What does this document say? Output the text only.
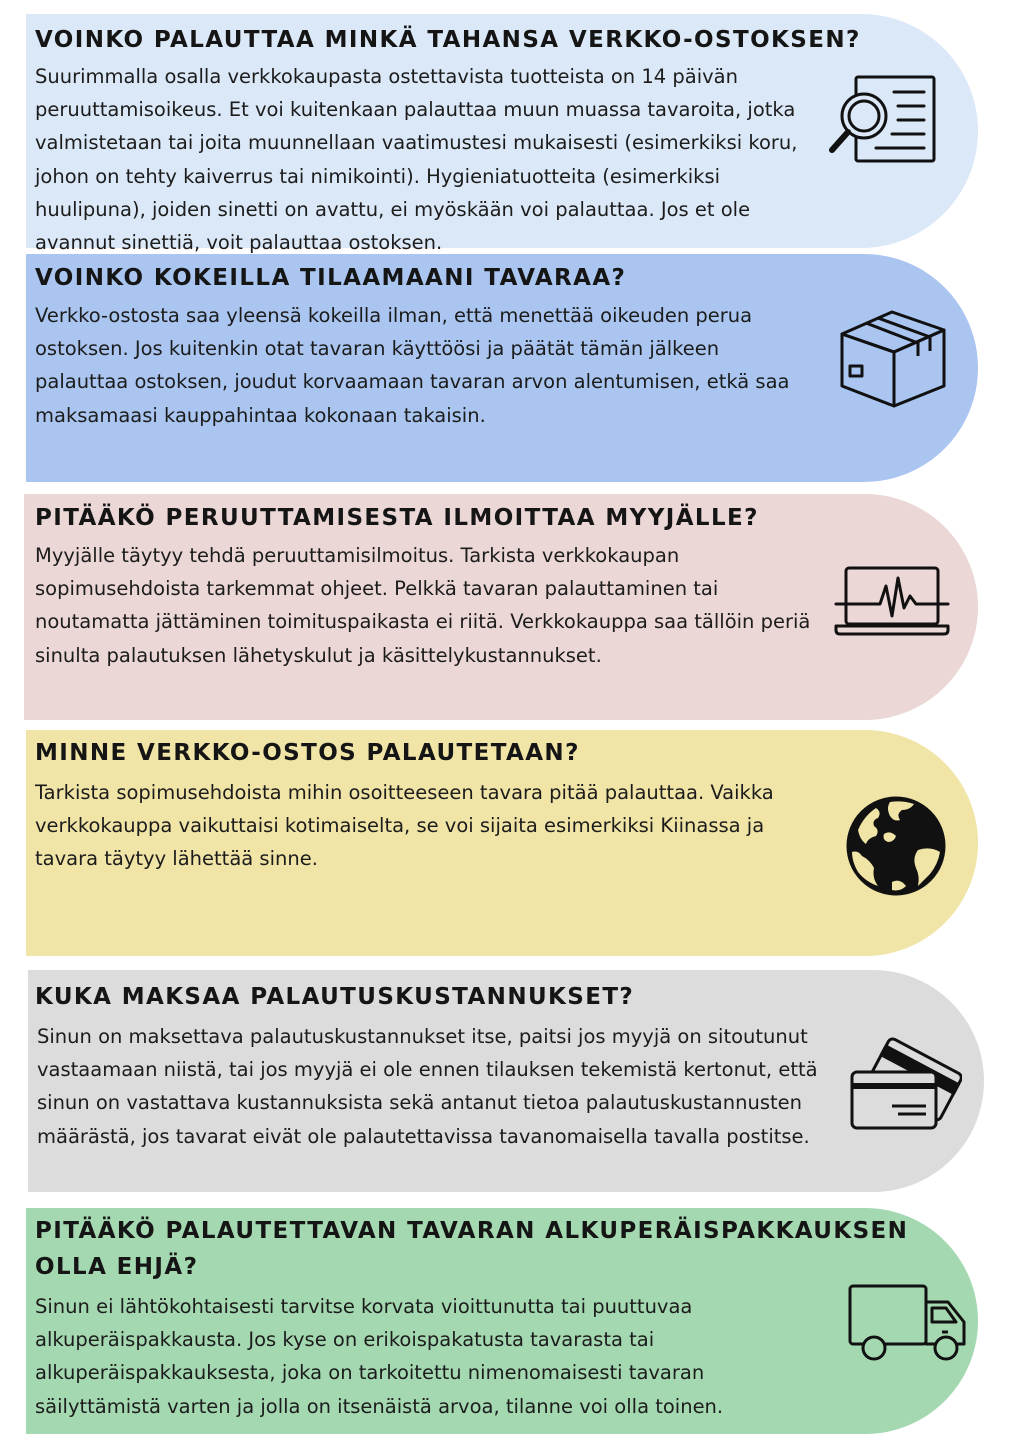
VOINKO PALAUTTAA MINKÄ TAHANSA VERKKO-OSTOKSEN?

Suurimmalla osalla verkkokaupasta ostettavista tuotteista on 14 päivän peruuttamisoikeus. Et voi kuitenkaan palauttaa muun muassa tavaroita, jotka valmistetaan tai joita muunnellaan vaatimustesi mukaisesti (esimerkiksi koru, johon on tehty kaiverrus tai nimikointi). Hygieniatuotteita (esimerkiksi huulipuna), joiden sinetti on avattu, ei myöskään voi palauttaa. Jos et ole avannut sinettiä, voit palauttaa ostoksen.

VOINKO KOKEILLA TILAAMAANI TAVARAA?

Verkko-ostosta saa yleensä kokeilla ilman, että menettää oikeuden perua ostoksen. Jos kuitenkin otat tavaran käyttöösi ja päätät tämän jälkeen palauttaa ostoksen, joudut korvaamaan tavaran arvon alentumisen, etkä saa maksamaasi kauppahintaa kokonaan takaisin.

PITÄÄKÖ PERUUTTAMISESTA ILMOITTAA MYYJÄLLE?

Myyjälle täytyy tehdä peruuttamisilmoitus. Tarkista verkkokaupan sopimusehdoista tarkemmat ohjeet. Pelkkä tavaran palauttaminen tai noutamatta jättäminen toimituspaikasta ei riitä. Verkkokauppa saa tällöin periä sinulta palautuksen lähetyskulut ja käsittelykustannukset.

MINNE VERKKO-OSTOS PALAUTETAAN?

Tarkista sopimusehdoista mihin osoitteeseen tavara pitää palauttaa. Vaikka verkkokauppa vaikuttaisi kotimaiselta, se voi sijaita esimerkiksi Kiinassa ja tavara täytyy lähettää sinne.

KUKA MAKSAA PALAUTUSKUSTANNUKSET?

Sinun on maksettava palautuskustannukset itse, paitsi jos myyjä on sitoutunut vastaamaan niistä, tai jos myyjä ei ole ennen tilauksen tekemistä kertonut, että sinun on vastattava kustannuksista sekä antanut tietoa palautuskustannusten määrästä, jos tavarat eivät ole palautettavissa tavanomaisella tavalla postitse.

PITÄÄKÖ PALAUTETTAVAN TAVARAN ALKUPERÄISPAKKAUKSEN OLLA EHJÄ?

Sinun ei lähtökohtaisesti tarvitse korvata vioittunutta tai puuttuvaa alkuperäispakkausta. Jos kyse on erikoispakatusta tavarasta tai alkuperäispakkauksesta, joka on tarkoitettu nimenomaisesti tavaran säilyttämistä varten ja jolla on itsenäistä arvoa, tilanne voi olla toinen.
